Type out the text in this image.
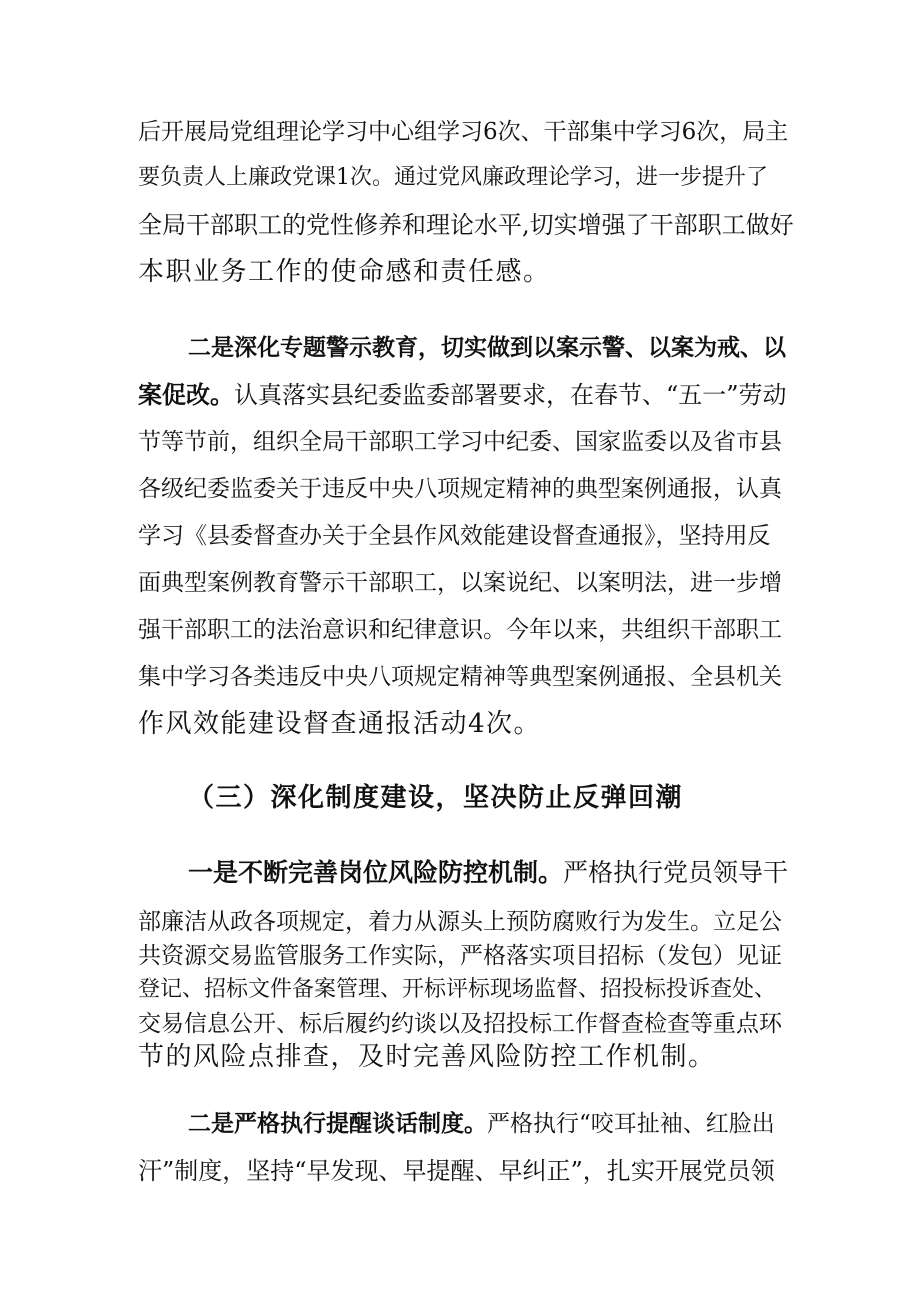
后开展局党组理论学习中心组学习6次、干部集中学习6次，局主
要负责人上廉政党课1次。通过党风廉政理论学习，进一步提升了
全局干部职工的党性修养和理论水平,切实增强了干部职工做好
本职业务工作的使命感和责任感。
二是深化专题警示教育，切实做到以案示警、以案为戒、以
案促改。认真落实县纪委监委部署要求，在春节、“五一”劳动
节等节前，组织全局干部职工学习中纪委、国家监委以及省市县
各级纪委监委关于违反中央八项规定精神的典型案例通报，认真
学习《县委督查办关于全县作风效能建设督查通报》，坚持用反
面典型案例教育警示干部职工，以案说纪、以案明法，进一步增
强干部职工的法治意识和纪律意识。今年以来，共组织干部职工
集中学习各类违反中央八项规定精神等典型案例通报、全县机关
作风效能建设督查通报活动4次。
（三）深化制度建设，坚决防止反弹回潮
一是不断完善岗位风险防控机制。严格执行党员领导干
部廉洁从政各项规定，着力从源头上预防腐败行为发生。立足公
共资源交易监管服务工作实际，严格落实项目招标（发包）见证
登记、招标文件备案管理、开标评标现场监督、招投标投诉查处、
交易信息公开、标后履约约谈以及招投标工作督查检查等重点环
节的风险点排查，及时完善风险防控工作机制。
二是严格执行提醒谈话制度。严格执行“咬耳扯袖、红脸出
汗”制度，坚持“早发现、早提醒、早纠正”，扎实开展党员领
